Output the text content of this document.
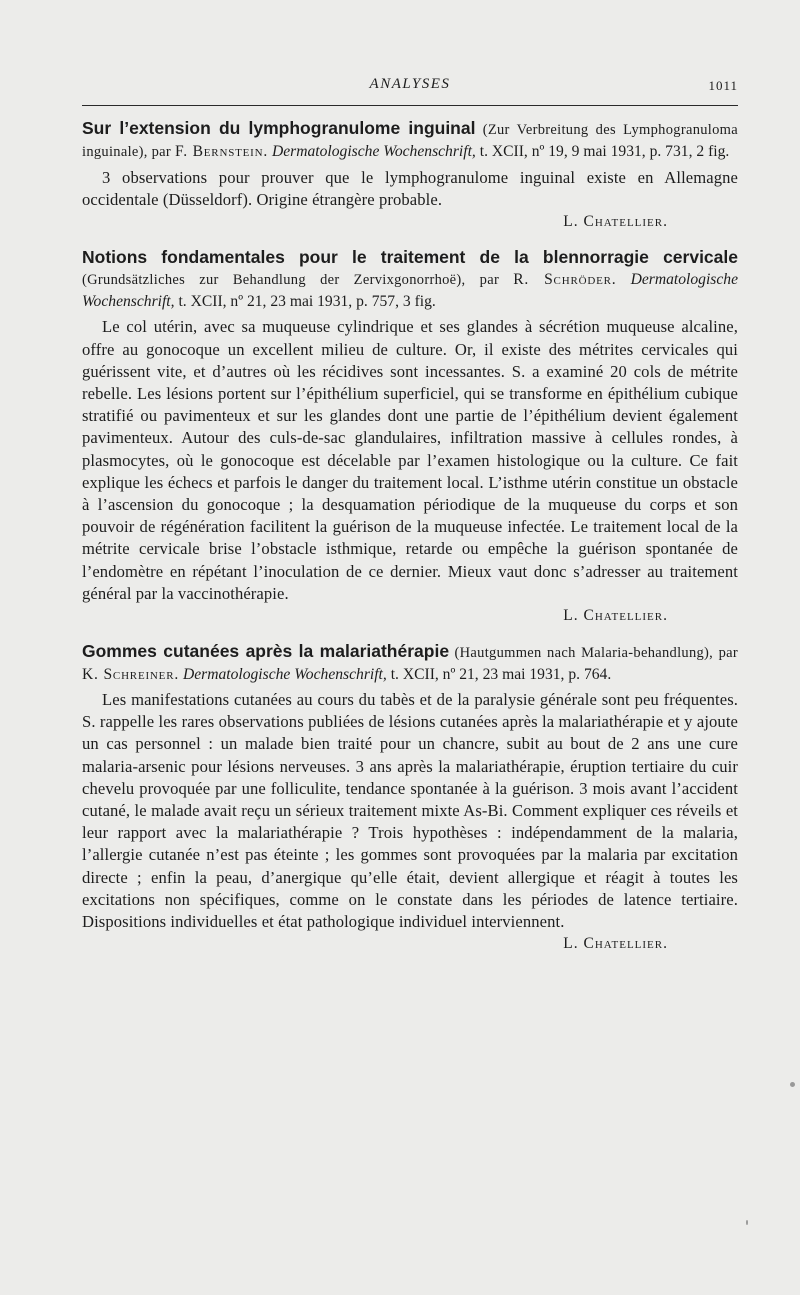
ANALYSES	1011

Sur l’extension du lymphogranulome inguinal (Zur Verbreitung des Lymphogranuloma inguinale), par F. Bernstein. Dermatologische Wochenschrift, t. XCII, nº 19, 9 mai 1931, p. 731, 2 fig.

3 observations pour prouver que le lymphogranulome inguinal existe en Allemagne occidentale (Düsseldorf). Origine étrangère probable.

L. Chatellier.

Notions fondamentales pour le traitement de la blennorragie cervicale (Grundsätzliches zur Behandlung der Zervixgonorrhoë), par R. Schröder. Dermatologische Wochenschrift, t. XCII, nº 21, 23 mai 1931, p. 757, 3 fig.

Le col utérin, avec sa muqueuse cylindrique et ses glandes à sécrétion muqueuse alcaline, offre au gonocoque un excellent milieu de culture. Or, il existe des métrites cervicales qui guérissent vite, et d’autres où les récidives sont incessantes. S. a examiné 20 cols de métrite rebelle. Les lésions portent sur l’épithélium superficiel, qui se transforme en épithélium cubique stratifié ou pavimenteux et sur les glandes dont une partie de l’épithélium devient également pavimenteux. Autour des culs-de-sac glandulaires, infiltration massive à cellules rondes, à plasmocytes, où le gonocoque est décelable par l’examen histologique ou la culture. Ce fait explique les échecs et parfois le danger du traitement local. L’isthme utérin constitue un obstacle à l’ascension du gonocoque ; la desquamation périodique de la muqueuse du corps et son pouvoir de régénération facilitent la guérison de la muqueuse infectée. Le traitement local de la métrite cervicale brise l’obstacle isthmique, retarde ou empêche la guérison spontanée de l’endomètre en répétant l’inoculation de ce dernier. Mieux vaut donc s’adresser au traitement général par la vaccinothérapie.

L. Chatellier.

Gommes cutanées après la malariathérapie (Hautgummen nach Malaria-behandlung), par K. Schreiner. Dermatologische Wochenschrift, t. XCII, nº 21, 23 mai 1931, p. 764.

Les manifestations cutanées au cours du tabès et de la paralysie générale sont peu fréquentes. S. rappelle les rares observations publiées de lésions cutanées après la malariathérapie et y ajoute un cas personnel : un malade bien traité pour un chancre, subit au bout de 2 ans une cure malaria-arsenic pour lésions nerveuses. 3 ans après la malariathérapie, éruption tertiaire du cuir chevelu provoquée par une folliculite, tendance spontanée à la guérison. 3 mois avant l’accident cutané, le malade avait reçu un sérieux traitement mixte As-Bi. Comment expliquer ces réveils et leur rapport avec la malariathérapie ? Trois hypothèses : indépendamment de la malaria, l’allergie cutanée n’est pas éteinte ; les gommes sont provoquées par la malaria par excitation directe ; enfin la peau, d’anergique qu’elle était, devient allergique et réagit à toutes les excitations non spécifiques, comme on le constate dans les périodes de latence tertiaire. Dispositions individuelles et état pathologique individuel interviennent.

L. Chatellier.
